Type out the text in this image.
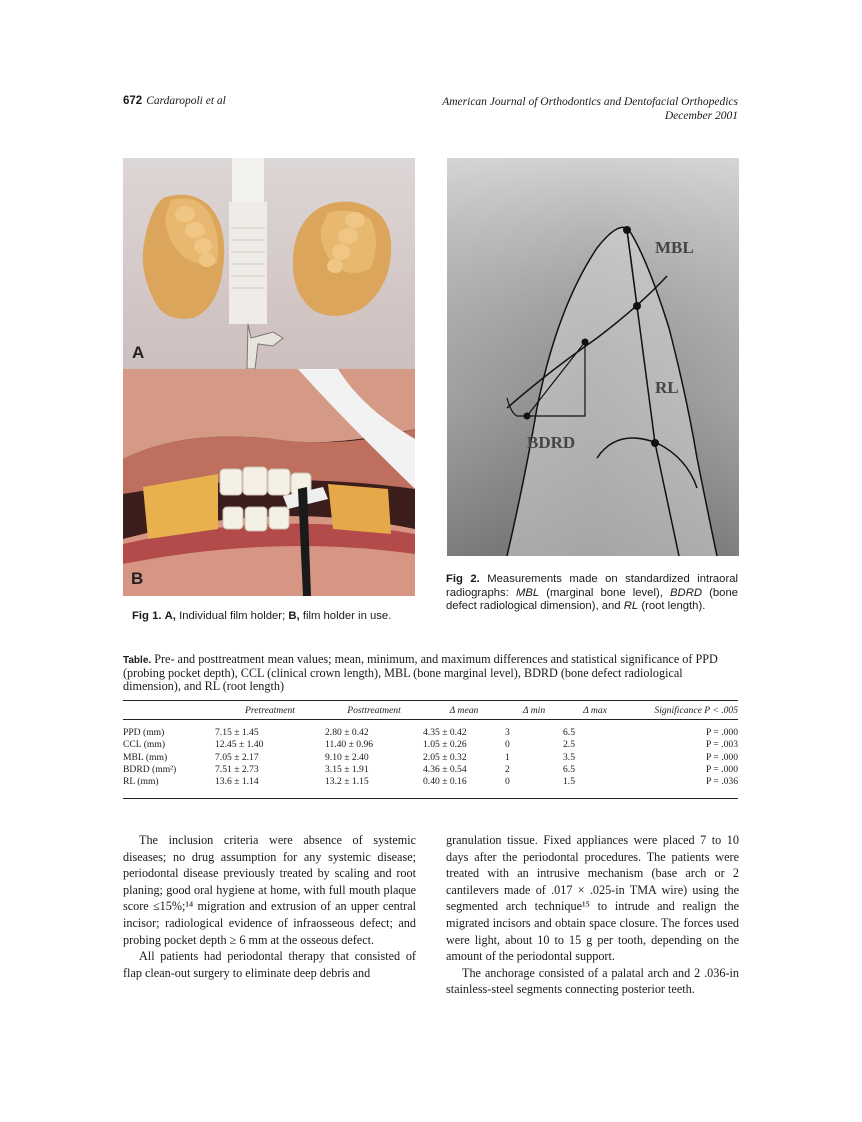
672 Cardaropoli et al	American Journal of Orthodontics and Dentofacial Orthopedics
December 2001
A
B
MBL
RL
BDRD
Fig 1. A, Individual film holder; B, film holder in use.
Fig 2. Measurements made on standardized intraoral radiographs: MBL (marginal bone level), BDRD (bone defect radiological dimension), and RL (root length).
Table. Pre- and posttreatment mean values; mean, minimum, and maximum differences and statistical significance of PPD (probing pocket depth), CCL (clinical crown length), MBL (bone marginal level), BDRD (bone defect radiological dimension), and RL (root length)
	Pretreatment	Posttreatment	Δ mean	Δ min	Δ max	Significance P < .005

PPD (mm)	7.15 ± 1.45	2.80 ± 0.42	4.35 ± 0.42	3	6.5	P = .000
CCL (mm)	12.45 ± 1.40	11.40 ± 0.96	1.05 ± 0.26	0	2.5	P = .003
MBL (mm)	7.05 ± 2.17	9.10 ± 2.40	2.05 ± 0.32	1	3.5	P = .000
BDRD (mm²)	7.51 ± 2.73	3.15 ± 1.91	4.36 ± 0.54	2	6.5	P = .000
RL (mm)	13.6 ± 1.14	13.2 ± 1.15	0.40 ± 0.16	0	1.5	P = .036

The inclusion criteria were absence of systemic diseases; no drug assumption for any systemic disease; periodontal disease previously treated by scaling and root planing; good oral hygiene at home, with full mouth plaque score ≤15%;¹⁴ migration and extrusion of an upper central incisor; radiological evidence of infraosseous defect; and probing pocket depth ≥ 6 mm at the osseous defect.

All patients had periodontal therapy that consisted of flap clean-out surgery to eliminate deep debris and

granulation tissue. Fixed appliances were placed 7 to 10 days after the periodontal procedures. The patients were treated with an intrusive mechanism (base arch or 2 cantilevers made of .017 × .025-in TMA wire) using the segmented arch technique¹⁵ to intrude and realign the migrated incisors and obtain space closure. The forces used were light, about 10 to 15 g per tooth, depending on the amount of the periodontal support.

The anchorage consisted of a palatal arch and 2 .036-in stainless-steel segments connecting posterior teeth.
